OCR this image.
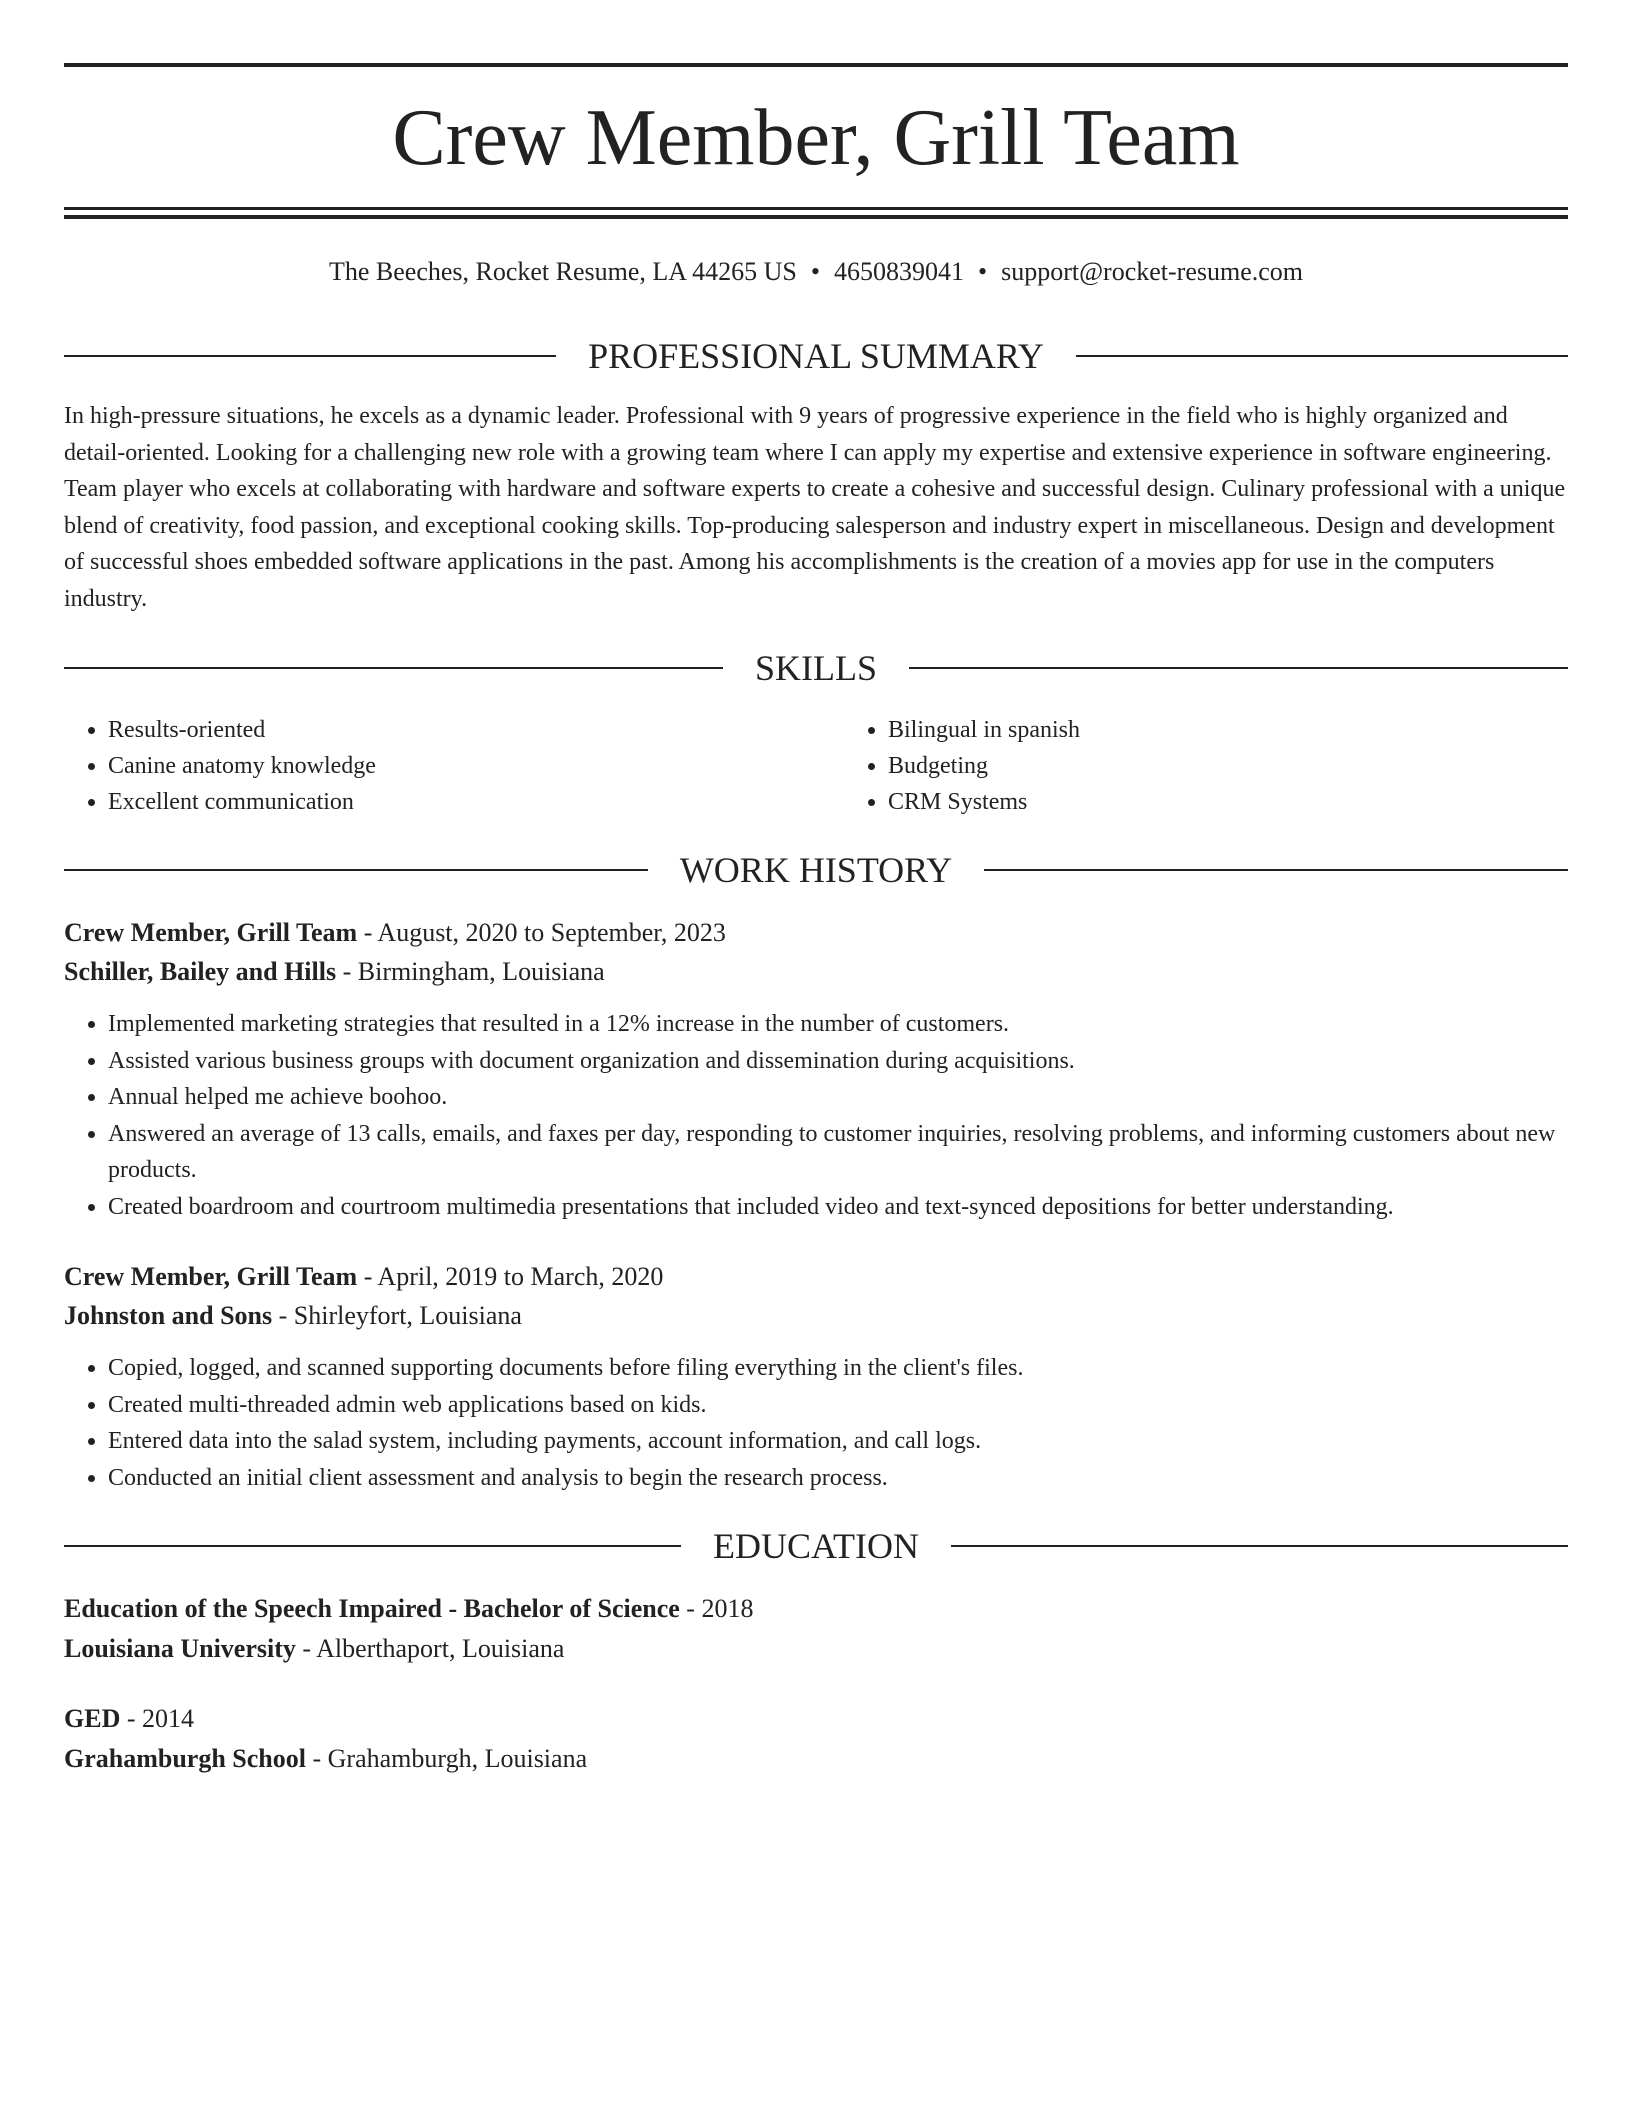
Crew Member, Grill Team
The Beeches, Rocket Resume, LA 44265 US • 4650839041 • support@rocket-resume.com
PROFESSIONAL SUMMARY

In high-pressure situations, he excels as a dynamic leader. Professional with 9 years of progressive experience in the field who is highly organized and detail-oriented. Looking for a challenging new role with a growing team where I can apply my expertise and extensive experience in software engineering. Team player who excels at collaborating with hardware and software experts to create a cohesive and successful design. Culinary professional with a unique blend of creativity, food passion, and exceptional cooking skills. Top-producing salesperson and industry expert in miscellaneous. Design and development of successful shoes embedded software applications in the past. Among his accomplishments is the creation of a movies app for use in the computers industry.

SKILLS
• Results-oriented
• Canine anatomy knowledge
• Excellent communication
• Bilingual in spanish
• Budgeting
• CRM Systems
WORK HISTORY
Crew Member, Grill Team - August, 2020 to September, 2023
Schiller, Bailey and Hills - Birmingham, Louisiana
• Implemented marketing strategies that resulted in a 12% increase in the number of customers.
• Assisted various business groups with document organization and dissemination during acquisitions.
• Annual helped me achieve boohoo.
• Answered an average of 13 calls, emails, and faxes per day, responding to customer inquiries, resolving problems, and informing customers about new products.
• Created boardroom and courtroom multimedia presentations that included video and text-synced depositions for better understanding.
Crew Member, Grill Team - April, 2019 to March, 2020
Johnston and Sons - Shirleyfort, Louisiana
• Copied, logged, and scanned supporting documents before filing everything in the client's files.
• Created multi-threaded admin web applications based on kids.
• Entered data into the salad system, including payments, account information, and call logs.
• Conducted an initial client assessment and analysis to begin the research process.
EDUCATION
Education of the Speech Impaired - Bachelor of Science - 2018
Louisiana University - Alberthaport, Louisiana
GED - 2014
Grahamburgh School - Grahamburgh, Louisiana
